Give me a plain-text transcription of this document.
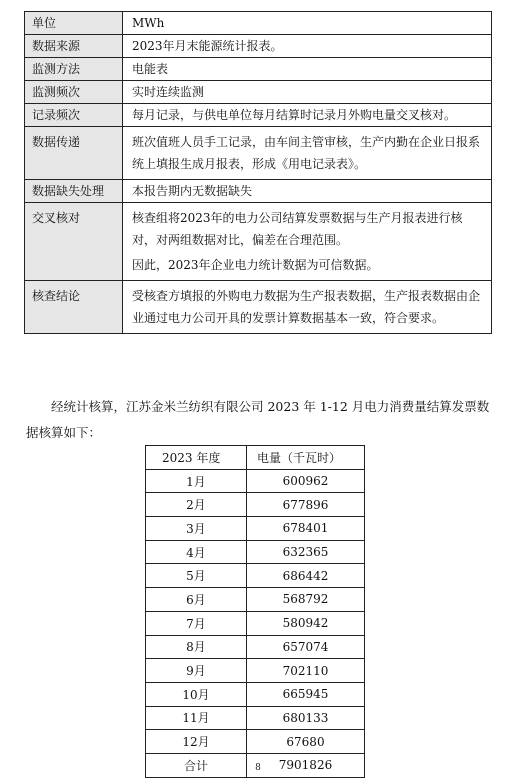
单位	MWh
数据来源	2023年月末能源统计报表。
监测方法	电能表
监测频次	实时连续监测
记录频次	每月记录，与供电单位每月结算时记录月外购电量交叉核对。
数据传递	班次值班人员手工记录，由车间主管审核，生产内勤在企业日报系统上填报生成月报表，形成《用电记录表》。
数据缺失处理	本报告期内无数据缺失
交叉核对	核查组将2023年的电力公司结算发票数据与生产月报表进行核对，对两组数据对比，偏差在合理范围。

因此，2023年企业电力统计数据为可信数据。

核查结论	受核查方填报的外购电力数据为生产报表数据，生产报表数据由企业通过电力公司开具的发票计算数据基本一致，符合要求。

经统计核算，江苏金米兰纺织有限公司 2023 年 1-12 月电力消费量结算发票数据核算如下：

2023 年度	电量（千瓦时）
1月	600962
2月	677896
3月	678401
4月	632365
5月	686442
6月	568792
7月	580942
8月	657074
9月	702110
10月	665945
11月	680133
12月	67680
合计	7901826
8
